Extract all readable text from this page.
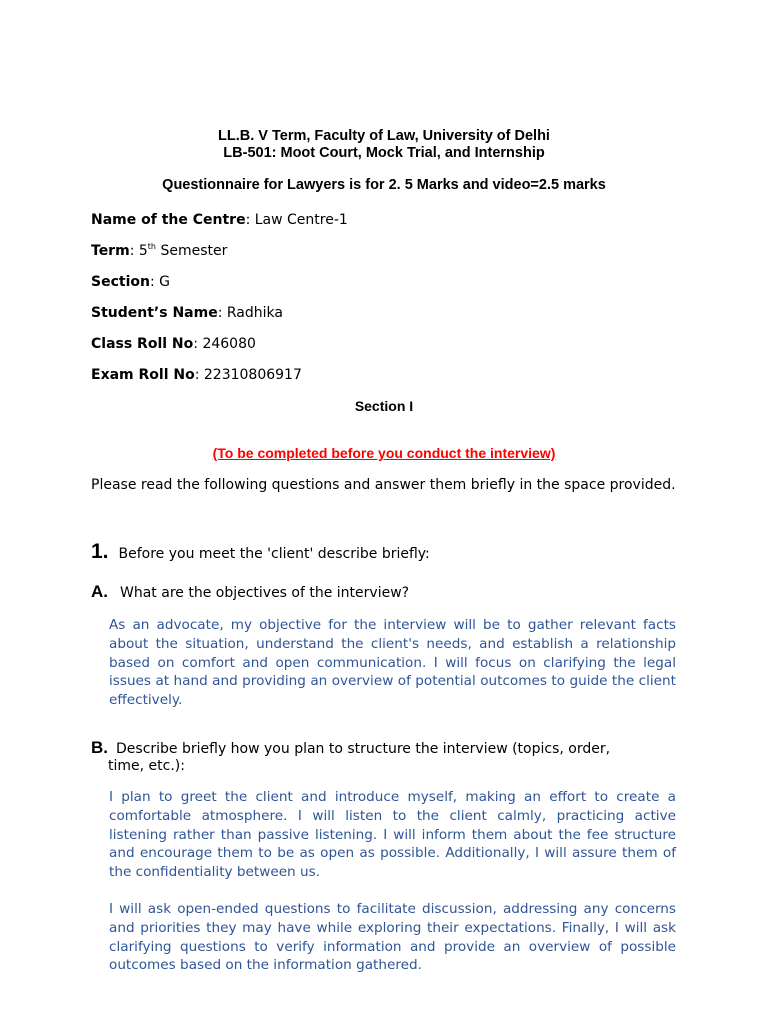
LL.B. V Term, Faculty of Law, University of Delhi
LB-501: Moot Court, Mock Trial, and Internship
Questionnaire for Lawyers is for 2. 5 Marks and video=2.5 marks
Name of the Centre: Law Centre-1
Term: 5th Semester
Section: G
Student’s Name: Radhika
Class Roll No: 246080
Exam Roll No: 22310806917
Section I
(To be completed before you conduct the interview)
Please read the following questions and answer them briefly in the space provided.
1. Before you meet the 'client' describe briefly:
A. What are the objectives of the interview?
As an advocate, my objective for the interview will be to gather relevant facts about the situation, understand the client's needs, and establish a relationship based on comfort and open communication. I will focus on clarifying the legal issues at hand and providing an overview of potential outcomes to guide the client effectively.
B. Describe briefly how you plan to structure the interview (topics, order,
time, etc.):
I plan to greet the client and introduce myself, making an effort to create a comfortable atmosphere. I will listen to the client calmly, practicing active listening rather than passive listening. I will inform them about the fee structure and encourage them to be as open as possible. Additionally, I will assure them of the confidentiality between us.
I will ask open-ended questions to facilitate discussion, addressing any concerns and priorities they may have while exploring their expectations. Finally, I will ask clarifying questions to verify information and provide an overview of possible outcomes based on the information gathered.
